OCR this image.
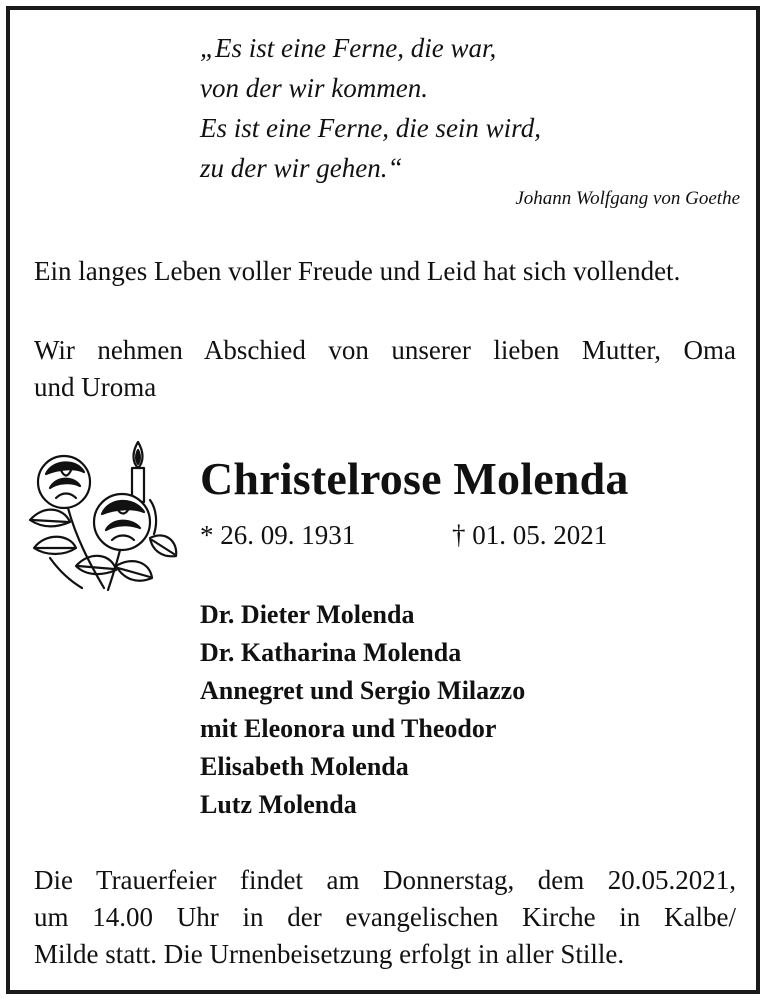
„Es ist eine Ferne, die war,
von der wir kommen.
Es ist eine Ferne, die sein wird,
zu der wir gehen.“
Johann Wolfgang von Goethe
Ein langes Leben voller Freude und Leid hat sich vollendet.
Wir nehmen Abschied von unserer lieben Mutter, Oma
und Uroma
Christelrose Molenda
* 26. 09. 1931	† 01. 05. 2021
Dr. Dieter Molenda
Dr. Katharina Molenda
Annegret und Sergio Milazzo
mit Eleonora und Theodor
Elisabeth Molenda
Lutz Molenda
Die Trauerfeier findet am Donnerstag, dem 20.05.2021,
um 14.00 Uhr in der evangelischen Kirche in Kalbe/
Milde statt. Die Urnenbeisetzung erfolgt in aller Stille.
